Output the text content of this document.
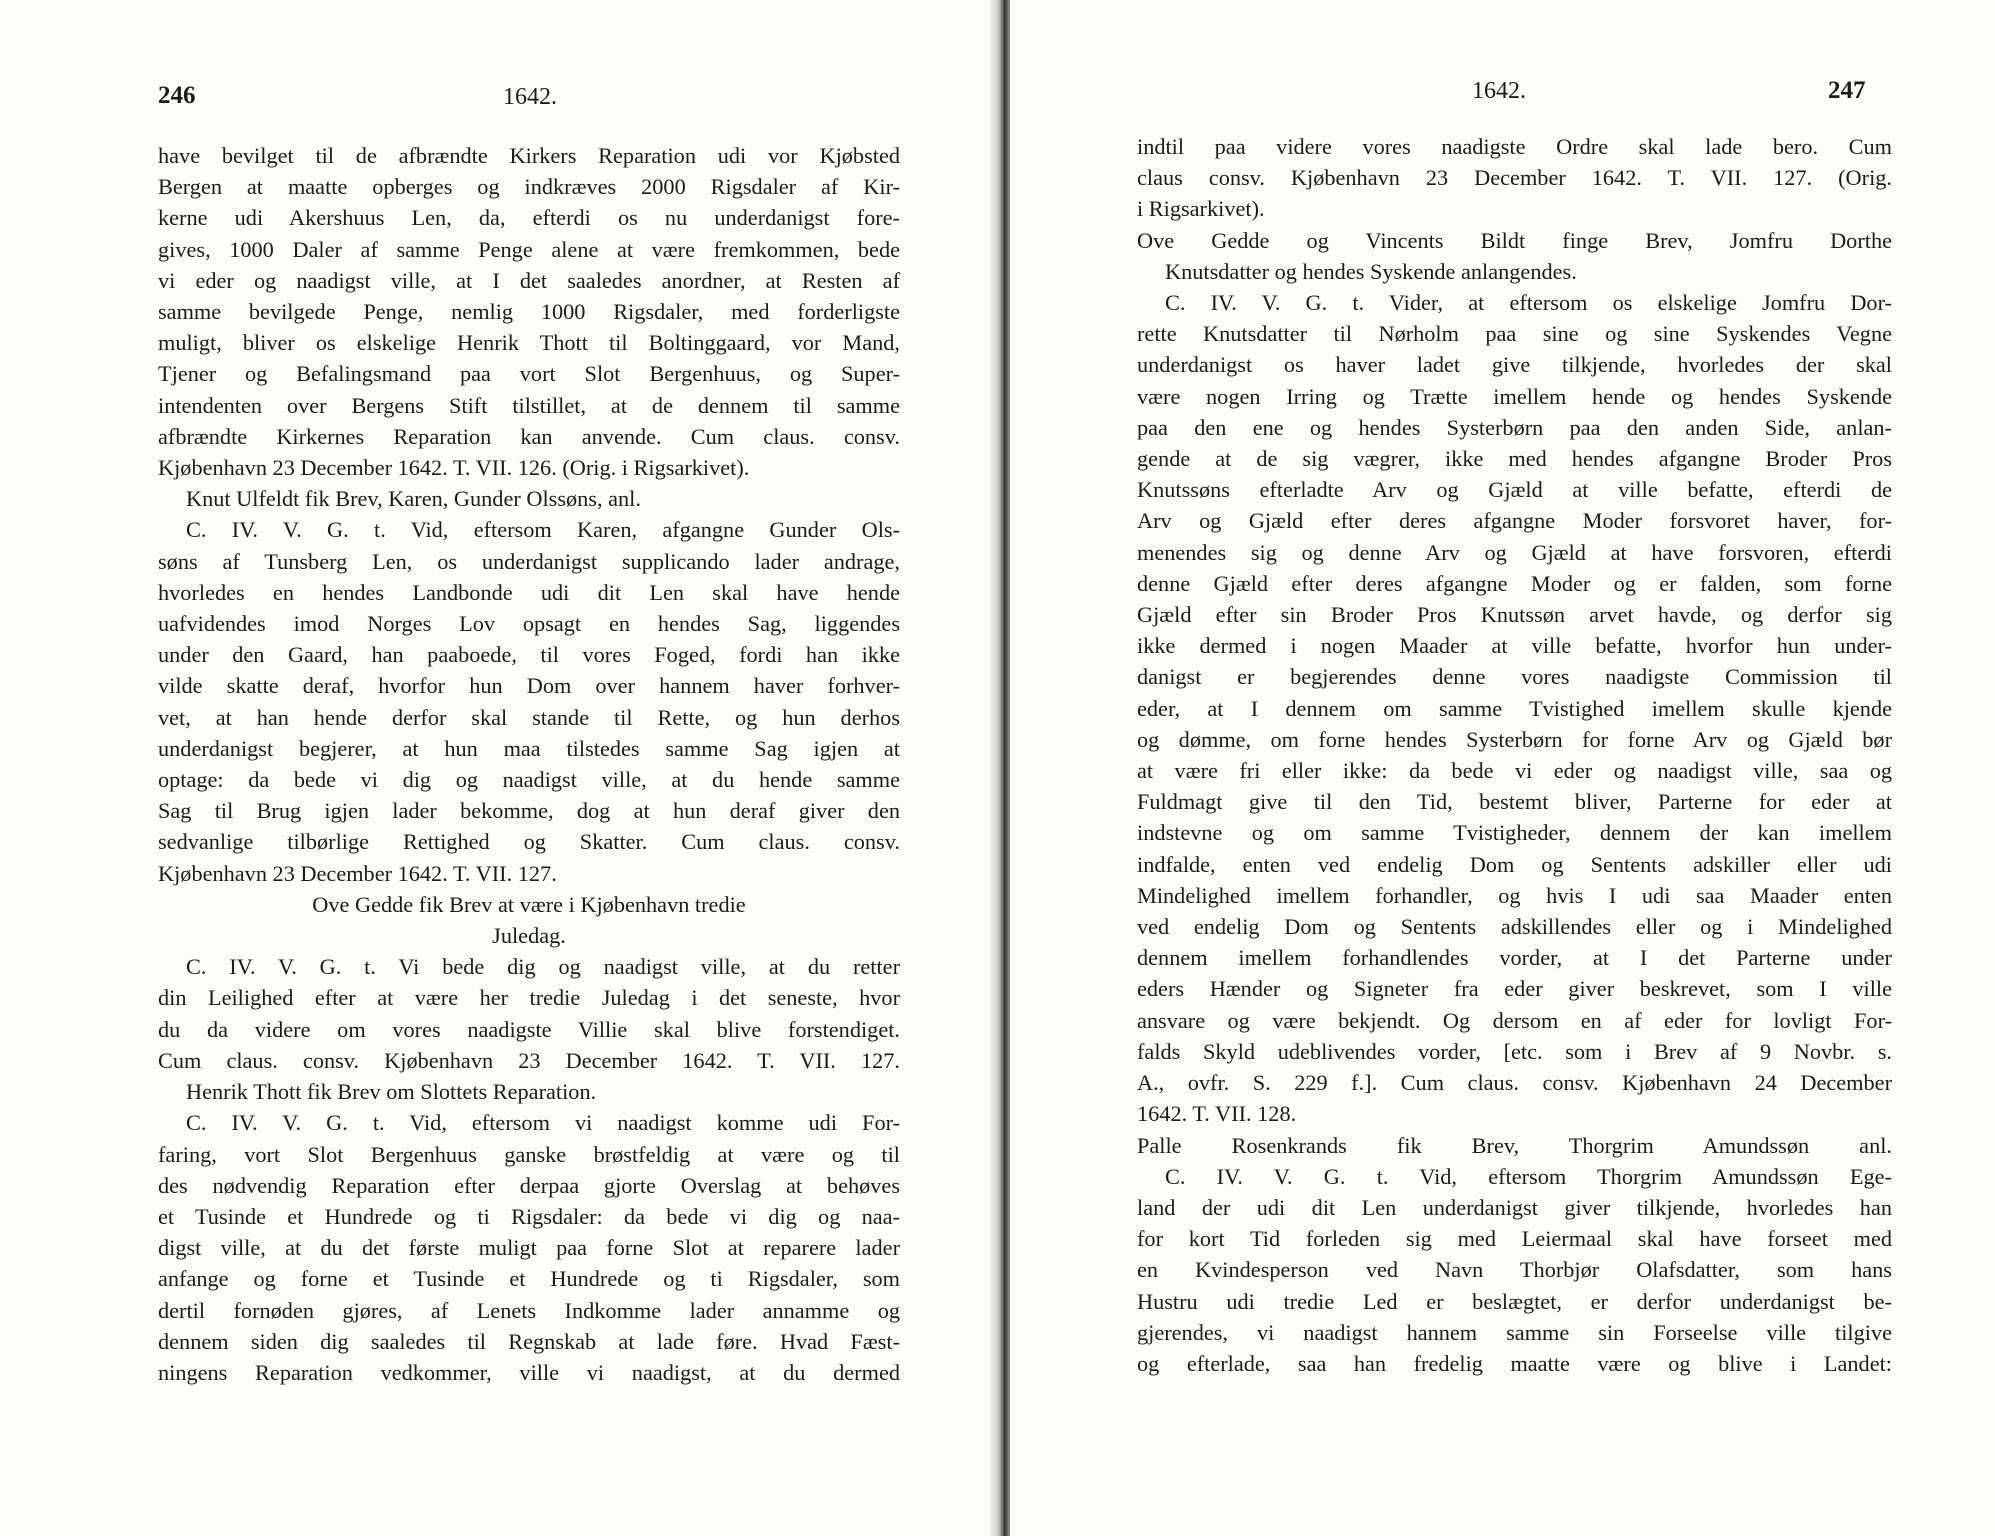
246	1642.
have bevilget til de afbrændte Kirkers Reparation udi vor Kjøbsted
Bergen at maatte opberges og indkræves 2000 Rigsdaler af Kir-
kerne udi Akershuus Len, da, efterdi os nu underdanigst fore-
gives, 1000 Daler af samme Penge alene at være fremkommen, bede
vi eder og naadigst ville, at I det saaledes anordner, at Resten af
samme bevilgede Penge, nemlig 1000 Rigsdaler, med forderligste
muligt, bliver os elskelige Henrik Thott til Boltinggaard, vor Mand,
Tjener og Befalingsmand paa vort Slot Bergenhuus, og Super-
intendenten over Bergens Stift tilstillet, at de dennem til samme
afbrændte Kirkernes Reparation kan anvende. Cum claus. consv.
Kjøbenhavn 23 December 1642. T. VII. 126. (Orig. i Rigsarkivet).
Knut Ulfeldt fik Brev, Karen, Gunder Olssøns, anl.
C. IV. V. G. t. Vid, eftersom Karen, afgangne Gunder Ols-
søns af Tunsberg Len, os underdanigst supplicando lader andrage,
hvorledes en hendes Landbonde udi dit Len skal have hende
uafvidendes imod Norges Lov opsagt en hendes Sag, liggendes
under den Gaard, han paaboede, til vores Foged, fordi han ikke
vilde skatte deraf, hvorfor hun Dom over hannem haver forhver-
vet, at han hende derfor skal stande til Rette, og hun derhos
underdanigst begjerer, at hun maa tilstedes samme Sag igjen at
optage: da bede vi dig og naadigst ville, at du hende samme
Sag til Brug igjen lader bekomme, dog at hun deraf giver den
sedvanlige tilbørlige Rettighed og Skatter. Cum claus. consv.
Kjøbenhavn 23 December 1642. T. VII. 127.
Ove Gedde fik Brev at være i Kjøbenhavn tredie
Juledag.
C. IV. V. G. t. Vi bede dig og naadigst ville, at du retter
din Leilighed efter at være her tredie Juledag i det seneste, hvor
du da videre om vores naadigste Villie skal blive forstendiget.
Cum claus. consv. Kjøbenhavn 23 December 1642. T. VII. 127.
Henrik Thott fik Brev om Slottets Reparation.
C. IV. V. G. t. Vid, eftersom vi naadigst komme udi For-
faring, vort Slot Bergenhuus ganske brøstfeldig at være og til
des nødvendig Reparation efter derpaa gjorte Overslag at behøves
et Tusinde et Hundrede og ti Rigsdaler: da bede vi dig og naa-
digst ville, at du det første muligt paa forne Slot at reparere lader
anfange og forne et Tusinde et Hundrede og ti Rigsdaler, som
dertil fornøden gjøres, af Lenets Indkomme lader annamme og
dennem siden dig saaledes til Regnskab at lade føre. Hvad Fæst-
ningens Reparation vedkommer, ville vi naadigst, at du dermed
1642.	247
indtil paa videre vores naadigste Ordre skal lade bero. Cum
claus consv. Kjøbenhavn 23 December 1642. T. VII. 127. (Orig.
i Rigsarkivet).
Ove Gedde og Vincents Bildt finge Brev, Jomfru Dorthe
Knutsdatter og hendes Syskende anlangendes.
C. IV. V. G. t. Vider, at eftersom os elskelige Jomfru Dor-
rette Knutsdatter til Nørholm paa sine og sine Syskendes Vegne
underdanigst os haver ladet give tilkjende, hvorledes der skal
være nogen Irring og Trætte imellem hende og hendes Syskende
paa den ene og hendes Systerbørn paa den anden Side, anlan-
gende at de sig vægrer, ikke med hendes afgangne Broder Pros
Knutssøns efterladte Arv og Gjæld at ville befatte, efterdi de
Arv og Gjæld efter deres afgangne Moder forsvoret haver, for-
menendes sig og denne Arv og Gjæld at have forsvoren, efterdi
denne Gjæld efter deres afgangne Moder og er falden, som forne
Gjæld efter sin Broder Pros Knutssøn arvet havde, og derfor sig
ikke dermed i nogen Maader at ville befatte, hvorfor hun under-
danigst er begjerendes denne vores naadigste Commission til
eder, at I dennem om samme Tvistighed imellem skulle kjende
og dømme, om forne hendes Systerbørn for forne Arv og Gjæld bør
at være fri eller ikke: da bede vi eder og naadigst ville, saa og
Fuldmagt give til den Tid, bestemt bliver, Parterne for eder at
indstevne og om samme Tvistigheder, dennem der kan imellem
indfalde, enten ved endelig Dom og Sentents adskiller eller udi
Mindelighed imellem forhandler, og hvis I udi saa Maader enten
ved endelig Dom og Sentents adskillendes eller og i Mindelighed
dennem imellem forhandlendes vorder, at I det Parterne under
eders Hænder og Signeter fra eder giver beskrevet, som I ville
ansvare og være bekjendt. Og dersom en af eder for lovligt For-
falds Skyld udeblivendes vorder, [etc. som i Brev af 9 Novbr. s.
A., ovfr. S. 229 f.]. Cum claus. consv. Kjøbenhavn 24 December
1642. T. VII. 128.
Palle Rosenkrands fik Brev, Thorgrim Amundssøn anl.
C. IV. V. G. t. Vid, eftersom Thorgrim Amundssøn Ege-
land der udi dit Len underdanigst giver tilkjende, hvorledes han
for kort Tid forleden sig med Leiermaal skal have forseet med
en Kvindesperson ved Navn Thorbjør Olafsdatter, som hans
Hustru udi tredie Led er beslægtet, er derfor underdanigst be-
gjerendes, vi naadigst hannem samme sin Forseelse ville tilgive
og efterlade, saa han fredelig maatte være og blive i Landet:
